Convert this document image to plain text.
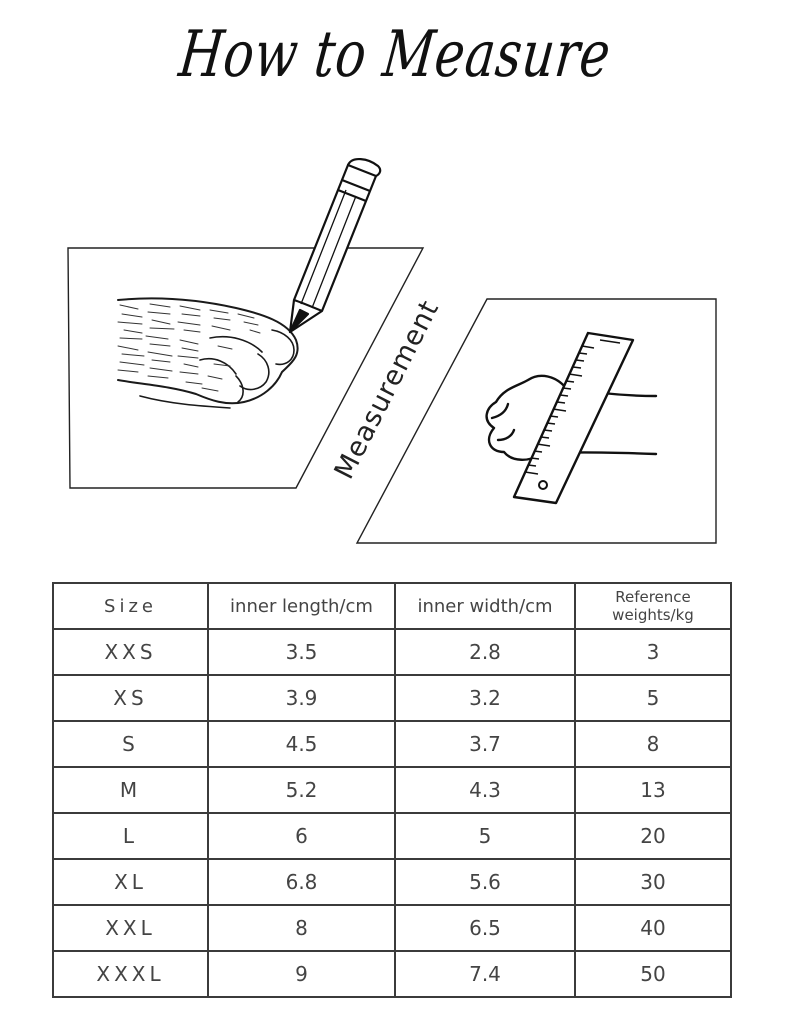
How to Measure
Measurement
Size	inner length/cm	inner width/cm	Reference
weights/kg
XXS	3.5	2.8	3
XS	3.9	3.2	5
S	4.5	3.7	8
M	5.2	4.3	13
L	6	5	20
XL	6.8	5.6	30
XXL	8	6.5	40
XXXL	9	7.4	50
